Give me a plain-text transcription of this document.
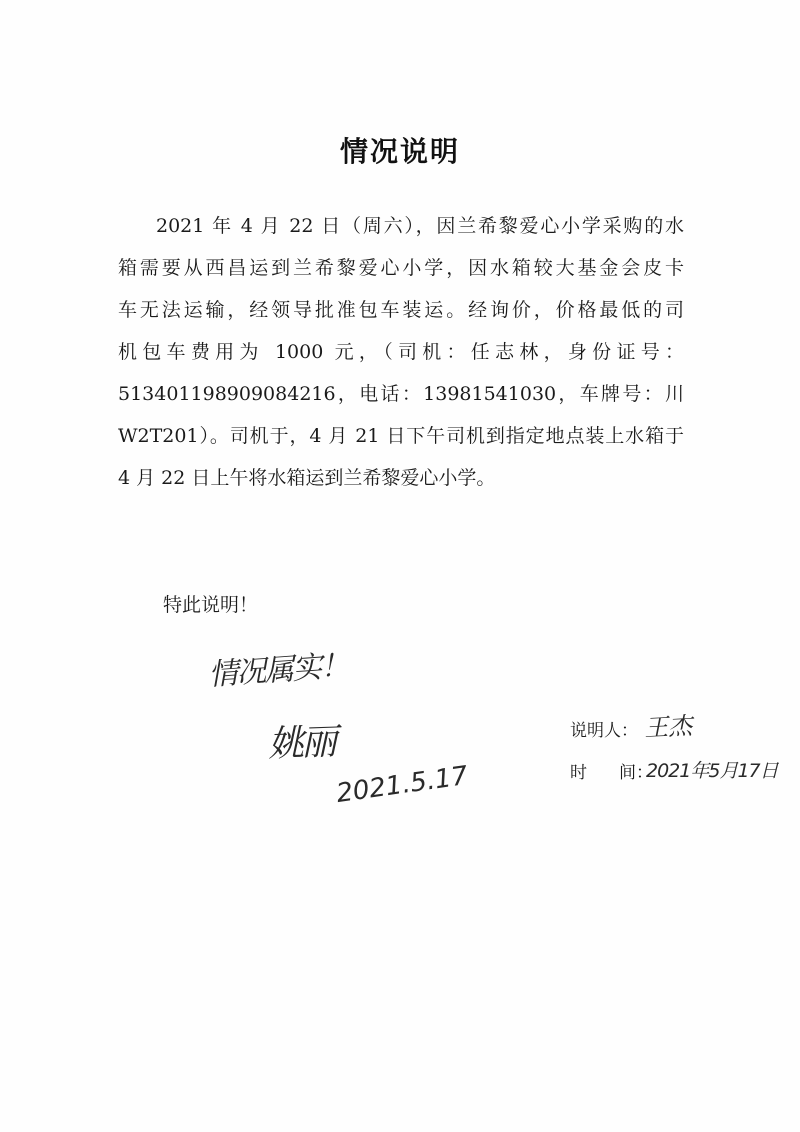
情况说明
2021 年 4 月 22 日（周六），因兰希黎爱心小学采购的水
箱需要从西昌运到兰希黎爱心小学，因水箱较大基金会皮卡
车无法运输，经领导批准包车装运。经询价，价格最低的司
机包车费用为 1000 元，（司机：任志林，身份证号：
513401198909084216，电话：13981541030，车牌号：川
W2T201）。司机于，4 月 21 日下午司机到指定地点装上水箱于
4 月 22 日上午将水箱运到兰希黎爱心小学。
特此说明！
情况属实！
姚丽
2021.5.17
说明人： 王杰
时 间：
2021年5月17日
